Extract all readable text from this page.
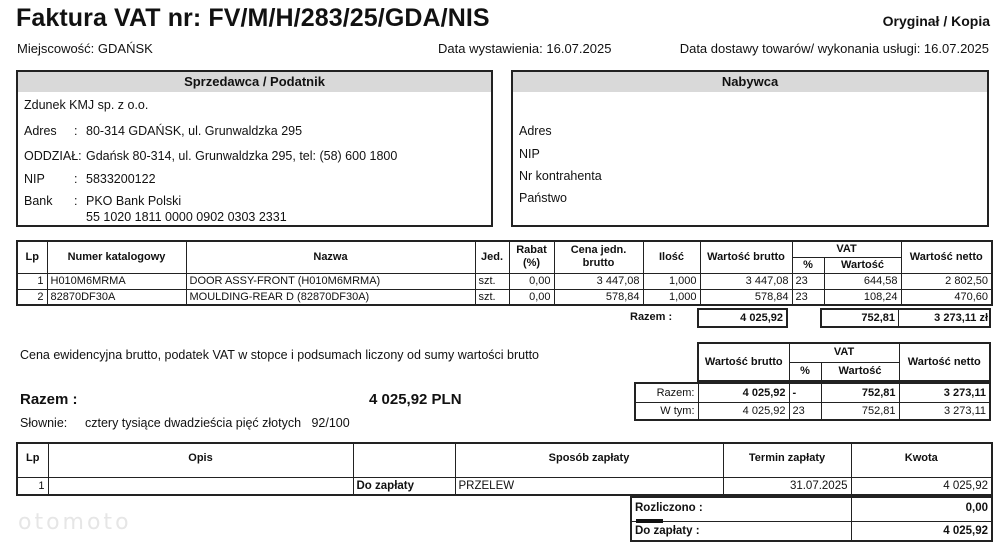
Faktura VAT nr: FV/M/H/283/25/GDA/NIS	Oryginał / Kopia
Miejscowość: GDAŃSK	Data wystawienia: 16.07.2025	Data dostawy towarów/ wykonania usługi: 16.07.2025
Sprzedawca / Podatnik
Zdunek KMJ sp. z o.o.
Adres : 80-314 GDAŃSK, ul. Grunwaldzka 295
ODDZIAŁ: Gdańsk 80-314, ul. Grunwaldzka 295, tel: (58) 600 1800
NIP : 5833200122
Bank : PKO Bank Polski
55 1020 1811 0000 0902 0303 2331
Nabywca
Adres
NIP
Nr kontrahenta
Państwo
Lp	Numer katalogowy	Nazwa	Jed.	Rabat (%)	Cena jedn. brutto	Ilość	Wartość brutto	VAT		Wartość netto
								%	Wartość	
1	H010M6MRMA	DOOR ASSY-FRONT (H010M6MRMA)	szt.	0,00	3 447,08	1,000	3 447,08	23	644,58	2 802,50
2	82870DF30A	MOULDING-REAR D (82870DF30A)	szt.	0,00	578,84	1,000	578,84	23	108,24	470,60
Razem :	4 025,92	752,81	3 273,11 zł
Cena ewidencyjna brutto, podatek VAT w stopce i podsumach liczony od sumy wartości brutto	Wartość brutto	VAT		Wartość netto
	%	Wartość	
Razem:	4 025,92	-	752,81	3 273,11
W tym:	4 025,92	23	752,81	3 273,11
Razem :	4 025,92 PLN
Słownie: cztery tysiące dwadzieścia pięć złotych   92/100
Lp	Opis		Sposób zapłaty	Termin zapłaty	Kwota
1		Do zapłaty	PRZELEW	31.07.2025	4 025,92
Rozliczono :	0,00
Do zapłaty :	4 025,92
otomoto
